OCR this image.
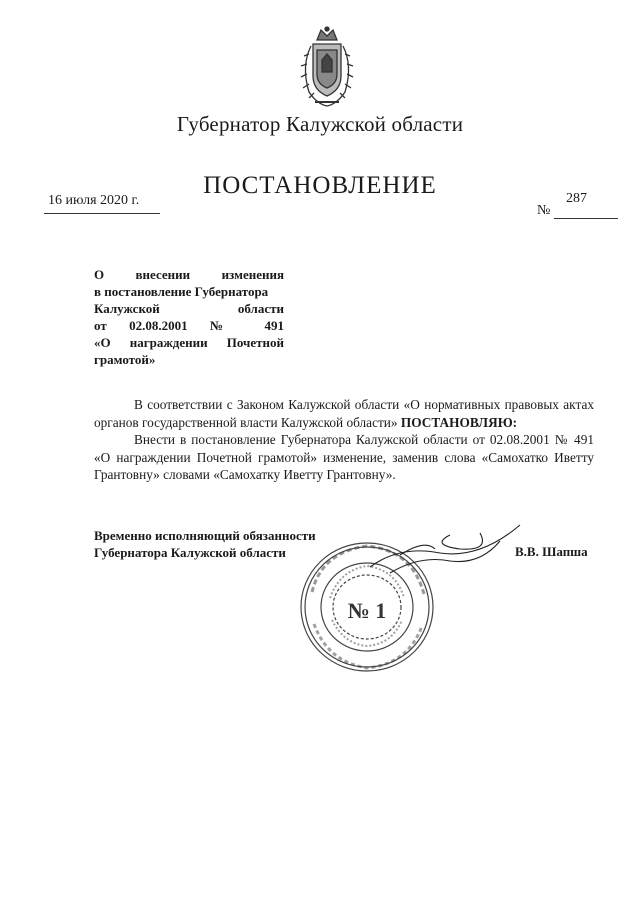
Губернатор Калужской области
ПОСТАНОВЛЕНИЕ
16 июля 2020 г.	287
№
О внесении изменения
в постановление Губернатора
Калужской области
от 02.08.2001 № 491
«О награждении Почетной
грамотой»

В соответствии с Законом Калужской области «О нормативных правовых актах органов государственной власти Калужской области» ПОСТАНОВЛЯЮ:

Внести в постановление Губернатора Калужской области от 02.08.2001 № 491 «О награждении Почетной грамотой» изменение, заменив слова «Самохатко Иветту Грантовну» словами «Самохатку Иветту Грантовну».

Временно исполняющий обязанности
Губернатора Калужской области	В.В. Шапша
№ 1
